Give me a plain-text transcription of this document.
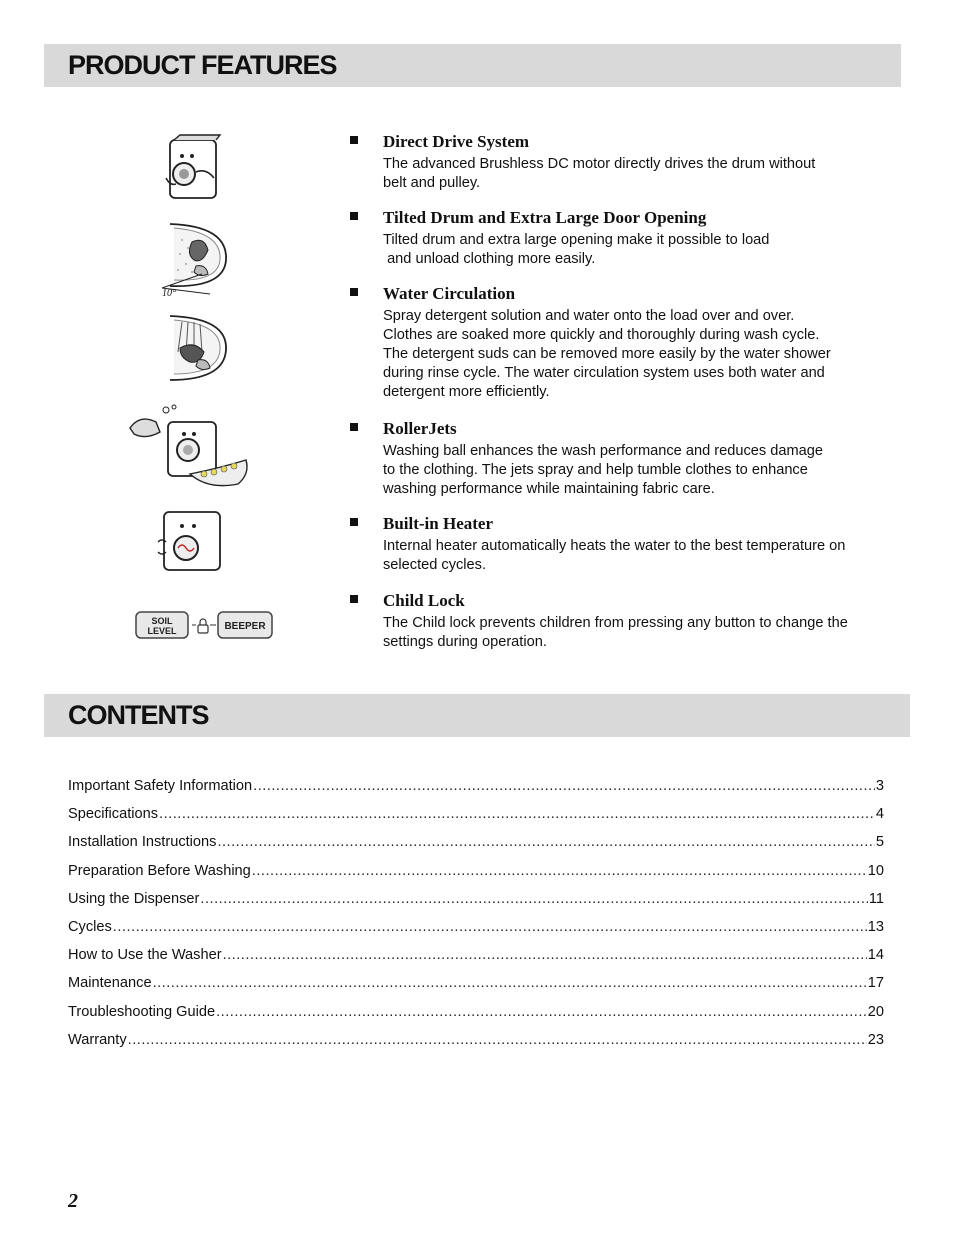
PRODUCT FEATURES
10°
SOIL
LEVEL	BEEPER
Direct Drive System

The advanced Brushless DC motor directly drives the drum without
belt and pulley.

Tilted Drum and Extra Large Door Opening

Tilted drum and extra large opening make it possible to load
and unload clothing more easily.

Water Circulation

Spray detergent solution and water onto the load over and over.
Clothes are soaked more quickly and thoroughly during wash cycle.
The detergent suds can be removed more easily by the water shower
during rinse cycle. The water circulation system uses both water and
detergent more efficiently.

RollerJets

Washing ball enhances the wash performance and reduces damage
to the clothing. The jets spray and help tumble clothes to enhance
washing performance while maintaining fabric care.

Built-in Heater

Internal heater automatically heats the water to the best temperature on
selected cycles.

Child Lock

The Child lock prevents children from pressing any button to change the
settings during operation.

CONTENTS
Important Safety Information .....	3
Specifications .....	4
Installation Instructions .....	5
Preparation Before Washing .....	10
Using the Dispenser .....	11
Cycles .....	13
How to Use the Washer .....	14
Maintenance .....	17
Troubleshooting Guide .....	20
Warranty .....	23
2
